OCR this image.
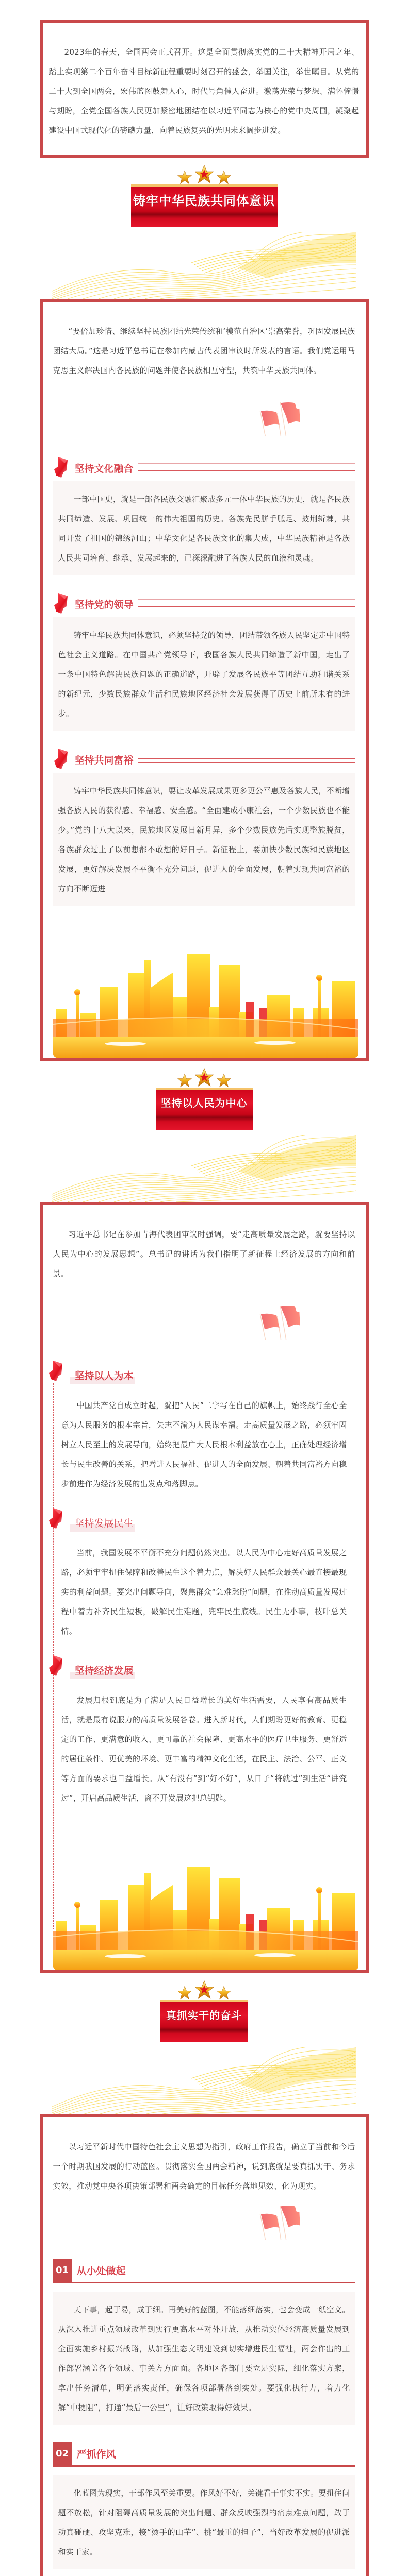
2023年的春天，全国两会正式召开。这是全面贯彻落实党的二十大精神开局之年、踏上实现第二个百年奋斗目标新征程重要时刻召开的盛会，举国关注，举世瞩目。从党的二十大到全国两会，宏伟蓝图鼓舞人心，时代号角催人奋进。激荡光荣与梦想、满怀憧憬与期盼，全党全国各族人民更加紧密地团结在以习近平同志为核心的党中央周围，凝聚起建设中国式现代化的磅礴力量，向着民族复兴的光明未来阔步进发。

铸牢中华民族共同体意识

“要倍加珍惜、继续坚持民族团结光荣传统和‘模范自治区’崇高荣誉，巩固发展民族团结大局。”这是习近平总书记在参加内蒙古代表团审议时所发表的言语。我们党运用马克思主义解决国内各民族的问题并使各民族相互守望，共筑中华民族共同体。

坚持文化融合

一部中国史，就是一部各民族交融汇聚成多元一体中华民族的历史，就是各民族共同缔造、发展、巩固统一的伟大祖国的历史。各族先民胼手胝足、披荆斩棘，共同开发了祖国的锦绣河山；中华文化是各民族文化的集大成，中华民族精神是各族人民共同培育、继承、发展起来的，已深深融进了各族人民的血液和灵魂。

坚持党的领导

铸牢中华民族共同体意识，必须坚持党的领导，团结带领各族人民坚定走中国特色社会主义道路。在中国共产党领导下，我国各族人民共同缔造了新中国，走出了一条中国特色解决民族问题的正确道路，开辟了发展各民族平等团结互助和谐关系的新纪元，少数民族群众生活和民族地区经济社会发展获得了历史上前所未有的进步。

坚持共同富裕

铸牢中华民族共同体意识，要让改革发展成果更多更公平惠及各族人民，不断增强各族人民的获得感、幸福感、安全感。“全面建成小康社会，一个少数民族也不能少。”党的十八大以来，民族地区发展日新月异，多个少数民族先后实现整族脱贫，各族群众过上了以前想都不敢想的好日子。新征程上，要加快少数民族和民族地区发展，更好解决发展不平衡不充分问题，促进人的全面发展，朝着实现共同富裕的方向不断迈进

坚持以人民为中心

习近平总书记在参加青海代表团审议时强调，要“走高质量发展之路，就要坚持以人民为中心的发展思想”。总书记的讲话为我们指明了新征程上经济发展的方向和前景。

坚持以人为本

中国共产党自成立时起，就把“人民”二字写在自己的旗帜上，始终践行全心全意为人民服务的根本宗旨，矢志不渝为人民谋幸福。走高质量发展之路，必须牢固树立人民至上的发展导向，始终把最广大人民根本利益放在心上，正确处理经济增长与民生改善的关系，把增进人民福祉、促进人的全面发展、朝着共同富裕方向稳步前进作为经济发展的出发点和落脚点。

坚持发展民生

当前，我国发展不平衡不充分问题仍然突出。以人民为中心走好高质量发展之路，必须牢牢扭住保障和改善民生这个着力点，解决好人民群众最关心最直接最现实的利益问题。要突出问题导向，聚焦群众“急难愁盼”问题，在推动高质量发展过程中着力补齐民生短板，破解民生难题，兜牢民生底线。民生无小事，枝叶总关情。

坚持经济发展

发展归根到底是为了满足人民日益增长的美好生活需要，人民享有高品质生活，就是最有说服力的高质量发展答卷。进入新时代，人们期盼更好的教育、更稳定的工作、更满意的收入、更可靠的社会保障、更高水平的医疗卫生服务、更舒适的居住条件、更优美的环境、更丰富的精神文化生活，在民主、法治、公平、正义等方面的要求也日益增长。从“有没有”到“好不好”，从日子“将就过”到生活“讲究过”，开启高品质生活，离不开发展这把总钥匙。

真抓实干的奋斗

以习近平新时代中国特色社会主义思想为指引，政府工作报告，确立了当前和今后一个时期我国发展的行动蓝图。贯彻落实全国两会精神，说到底就是要真抓实干、务求实效，推动党中央各项决策部署和两会确定的目标任务落地见效、化为现实。

01 从小处做起

天下事，起于易，成于细。再美好的蓝图，不能落细落实，也会变成一纸空文。从深入推进重点领域改革到实行更高水平对外开放，从推动实体经济高质量发展到全面实施乡村振兴战略，从加强生态文明建设到切实增进民生福祉，两会作出的工作部署涵盖各个领域、事关方方面面。各地区各部门要立足实际，细化落实方案，拿出任务清单，明确落实责任，确保各项部署落到实处。要强化执行力，着力化解“中梗阻”，打通“最后一公里”，让好政策取得好效果。

02 严抓作风

化蓝图为现实，干部作风至关重要。作风好不好，关键看干事实不实。要扭住问题不放松，针对阻碍高质量发展的突出问题、群众反映强烈的痛点难点问题，敢于动真碰硬、攻坚克难，接“烫手的山芋”、挑“最重的担子”，当好改革发展的促进派和实干家。
